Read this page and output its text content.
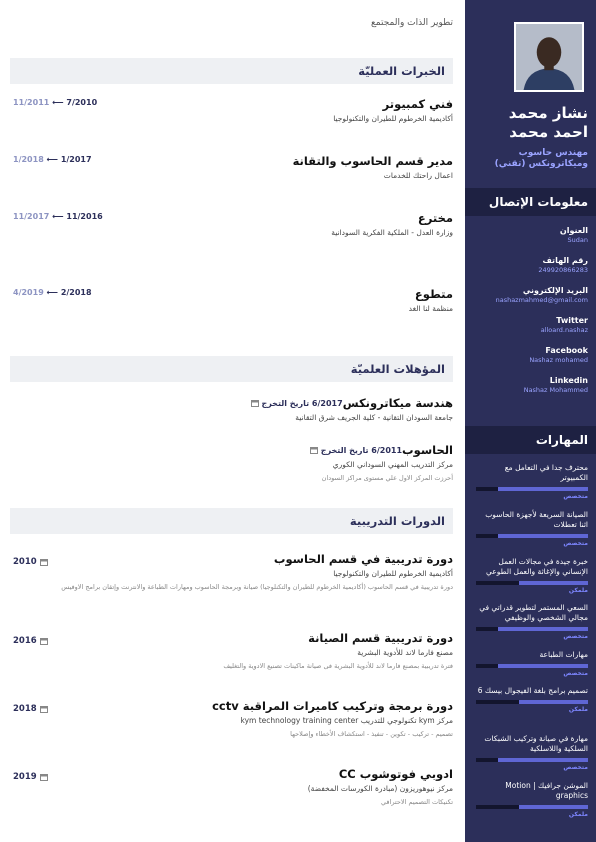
نشاز محمد احمد محمد
مهندس حاسوب وميكاترونكس (تقني)
معلومات الإتصال
العنوان
Sudan
رقم الهاتف
249920866283
البريد الإلكتروني
nashazmahmed@gmail.com
Twitter
alloard.nashaz
Facebook
Nashaz mohamed
Linkedin
Nashaz Mohammed
المهارات
محترف جدا في التعامل مع الكمبيوتر
متخصص
الصيانة السريعة لأجهزة الحاسوب اثنا تعطلات
متخصص
خبرة جيدة في مجالات العمل الإنساني والإغاثة والعمل الطوعي
ملمكن
السعي المستمر لتطوير قدراتي في مجالي الشخصي والوظيفي
متخصص
مهارات الطباعة
متخصص
تصميم برامج بلغة الفيجوال بيسك 6
ملمكن
مهارة في صيانة وتركيب الشبكات السلكية واللاسلكية
متخصص
الموشن جرافيك | Motion graphics
ملمكن
تطوير الذات والمجتمع
الخبرات العمليّة
11/2011 ⟵ 7/2010	فني كمبيوتر
أكاديمية الخرطوم للطيران والتكنولوجيا
1/2018 ⟵ 1/2017	مدير قسم الحاسوب والتقانة
اعمال راحتك للخدمات
11/2017 ⟵ 11/2016	مخترع
وزارة العدل - الملكية الفكرية السودانية
4/2019 ⟵ 2/2018	متطوع
منظمة لنا الغد
المؤهلات العلميّة
هندسة ميكاترونكس
6/2017 تاريخ التخرج
جامعة السودان التقانية - كلية الجريف شرق التقانية
الحاسوب
6/2011 تاريخ التخرج
مركز التدريب المهني السوداني الكوري
أحرزت المركز الاول علي مستوى مراكز السودان
الدورات التدريبية
2010	دورة تدريبية في قسم الحاسوب
أكاديمية الخرطوم للطيران والتكنولوجيا
دورة تدريبية في قسم الحاسوب (أكاديمية الخرطوم للطيران والتكنلوجيا) صيانة وبرمجة الحاسوب ومهارات الطباعة والانترنت وإتقان برامج الاوفيس
2016	دورة تدريبية قسم الصيانة
مصنع فارما لاند للأدوية البشرية
فترة تدريبية بمصنع فارما لاند للأدوية البشرية فى صيانة ماكينات تصنيع الادوية والتغليف
2018	دورة برمجة وتركيب كاميرات المراقبة cctv
مركز kym تكنولوجي للتدريب kym technology training center
تصميم - تركيب - تكوين - تنفيذ - استكشاف الأخطاء وإصلاحها
2019	ادوبي فوتوشوب CC
مركز نيوهوريزون (مبادرة الكورسات المخفضة)
تكنيكات التصميم الاحترافي
